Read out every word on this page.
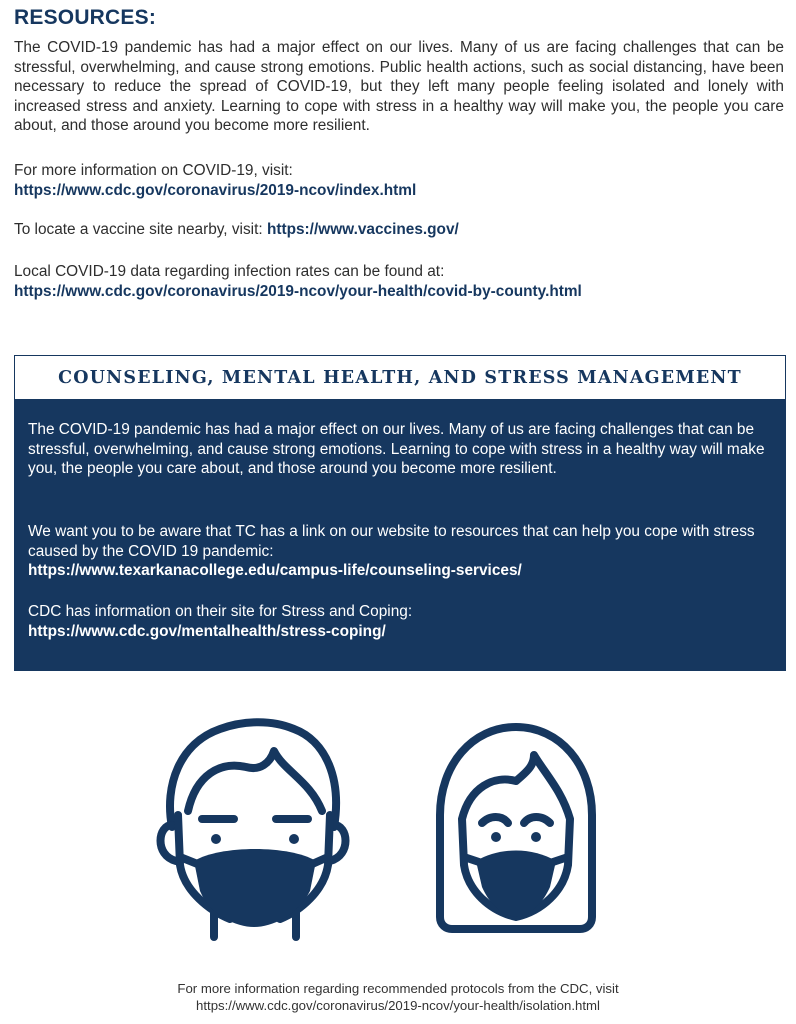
RESOURCES:

The COVID-19 pandemic has had a major effect on our lives. Many of us are facing challenges that can be stressful, overwhelming, and cause strong emotions. Public health actions, such as social distancing, have been necessary to reduce the spread of COVID-19, but they left many people feeling isolated and lonely with increased stress and anxiety. Learning to cope with stress in a healthy way will make you, the people you care about, and those around you become more resilient.

For more information on COVID-19, visit:
https://www.cdc.gov/coronavirus/2019-ncov/index.html

To locate a vaccine site nearby, visit: https://www.vaccines.gov/

Local COVID-19 data regarding infection rates can be found at:
https://www.cdc.gov/coronavirus/2019-ncov/your-health/covid-by-county.html

COUNSELING, MENTAL HEALTH, AND STRESS MANAGEMENT

The COVID-19 pandemic has had a major effect on our lives. Many of us are facing challenges that can be stressful, overwhelming, and cause strong emotions. Learning to cope with stress in a healthy way will make you, the people you care about, and those around you become more resilient.

We want you to be aware that TC has a link on our website to resources that can help you cope with stress caused by the COVID 19 pandemic:
https://www.texarkanacollege.edu/campus-life/counseling-services/

CDC has information on their site for Stress and Coping:
https://www.cdc.gov/mentalhealth/stress-coping/

For more information regarding recommended protocols from the CDC, visit
https://www.cdc.gov/coronavirus/2019-ncov/your-health/isolation.html
